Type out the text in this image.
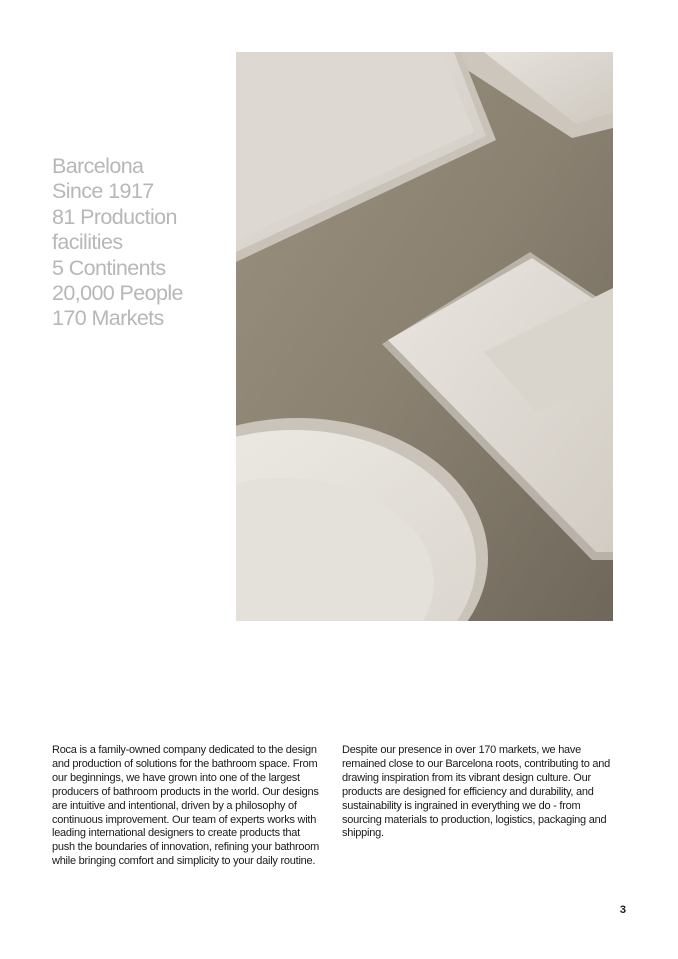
Barcelona
Since 1917
81 Production
facilities
5 Continents
20,000 People
170 Markets
Roca is a family-owned company dedicated to the design and production of solutions for the bathroom space. From our beginnings, we have grown into one of the largest producers of bathroom products in the world. Our designs are intuitive and intentional, driven by a philosophy of continuous improvement. Our team of experts works with leading international designers to create products that push the boundaries of innovation, refining your bathroom while bringing comfort and simplicity to your daily routine.
Despite our presence in over 170 markets, we have remained close to our Barcelona roots, contributing to and drawing inspiration from its vibrant design culture. Our products are designed for efficiency and durability, and sustainability is ingrained in everything we do - from sourcing materials to production, logistics, packaging and shipping.
3
